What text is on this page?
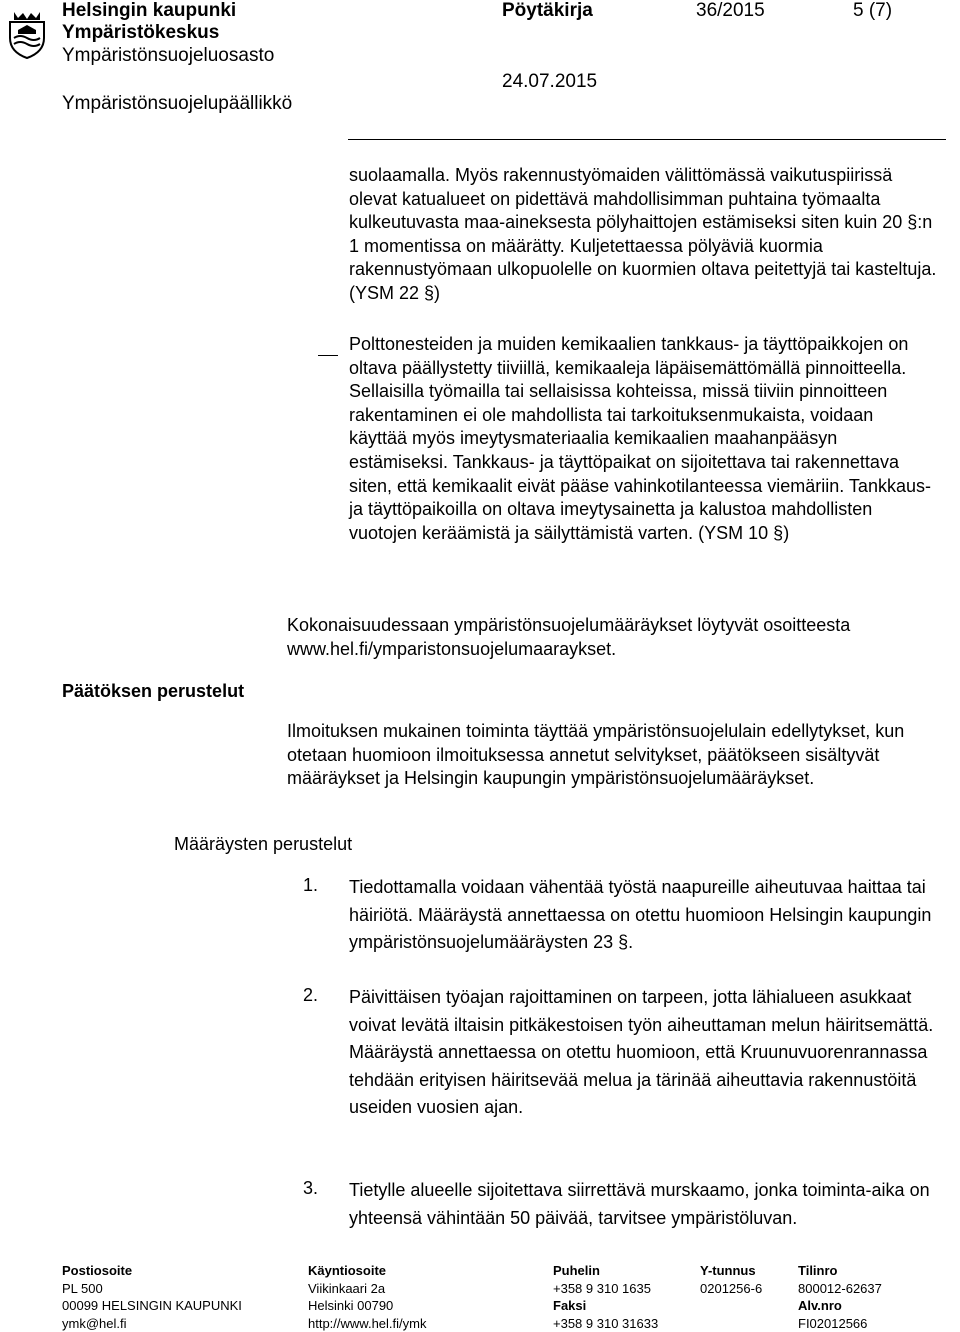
Helsingin kaupunki
Ympäristökeskus
Ympäristönsuojeluosasto
Ympäristönsuojelupäällikkö
Pöytäkirja	36/2015	5 (7)
24.07.2015
suolaamalla. Myös rakennustyömaiden välittömässä vaikutuspiirissä olevat katualueet on pidettävä mahdollisimman puhtaina työmaalta kulkeutuvasta maa-aineksesta pölyhaittojen estämiseksi siten kuin 20 §:n 1 momentissa on määrätty. Kuljetettaessa pölyäviä kuormia rakennustyömaan ulkopuolelle on kuormien oltava peitettyjä tai kasteltuja. (YSM 22 §)
Polttonesteiden ja muiden kemikaalien tankkaus- ja täyttöpaikkojen on oltava päällystetty tiiviillä, kemikaaleja läpäisemättömällä pinnoitteella. Sellaisilla työmailla tai sellaisissa kohteissa, missä tiiviin pinnoitteen rakentaminen ei ole mahdollista tai tarkoituksenmukaista, voidaan käyttää myös imeytysmateriaalia kemikaalien maahanpääsyn estämiseksi. Tankkaus- ja täyttöpaikat on sijoitettava tai rakennettava siten, että kemikaalit eivät pääse vahinkotilanteessa viemäriin. Tankkaus- ja täyttöpaikoilla on oltava imeytysainetta ja kalustoa mahdollisten vuotojen keräämistä ja säilyttämistä varten. (YSM 10 §)
Kokonaisuudessaan ympäristönsuojelumääräykset löytyvät osoitteesta www.hel.fi/ymparistonsuojelumaaraykset.
Päätöksen perustelut
Ilmoituksen mukainen toiminta täyttää ympäristönsuojelulain edellytykset, kun otetaan huomioon ilmoituksessa annetut selvitykset, päätökseen sisältyvät määräykset ja Helsingin kaupungin ympäristönsuojelumääräykset.
Määräysten perustelut
1. Tiedottamalla voidaan vähentää työstä naapureille aiheutuvaa haittaa tai häiriötä. Määräystä annettaessa on otettu huomioon Helsingin kaupungin ympäristönsuojelumääräysten 23 §.
2. Päivittäisen työajan rajoittaminen on tarpeen, jotta lähialueen asukkaat voivat levätä iltaisin pitkäkestoisen työn aiheuttaman melun häiritsemättä. Määräystä annettaessa on otettu huomioon, että Kruunuvuorenrannassa tehdään erityisen häiritsevää melua ja tärinää aiheuttavia rakennustöitä useiden vuosien ajan.
3. Tietylle alueelle sijoitettava siirrettävä murskaamo, jonka toiminta-aika on yhteensä vähintään 50 päivää, tarvitsee ympäristöluvan.
Postiosoite
PL 500
00099 HELSINGIN KAUPUNKI
ymk@hel.fi
Käyntiosoite
Viikinkaari 2a
Helsinki 00790
http://www.hel.fi/ymk
Puhelin
+358 9 310 1635
Faksi
+358 9 310 31633
Y-tunnus
0201256-6
Tilinro
800012-62637
Alv.nro
FI02012566
